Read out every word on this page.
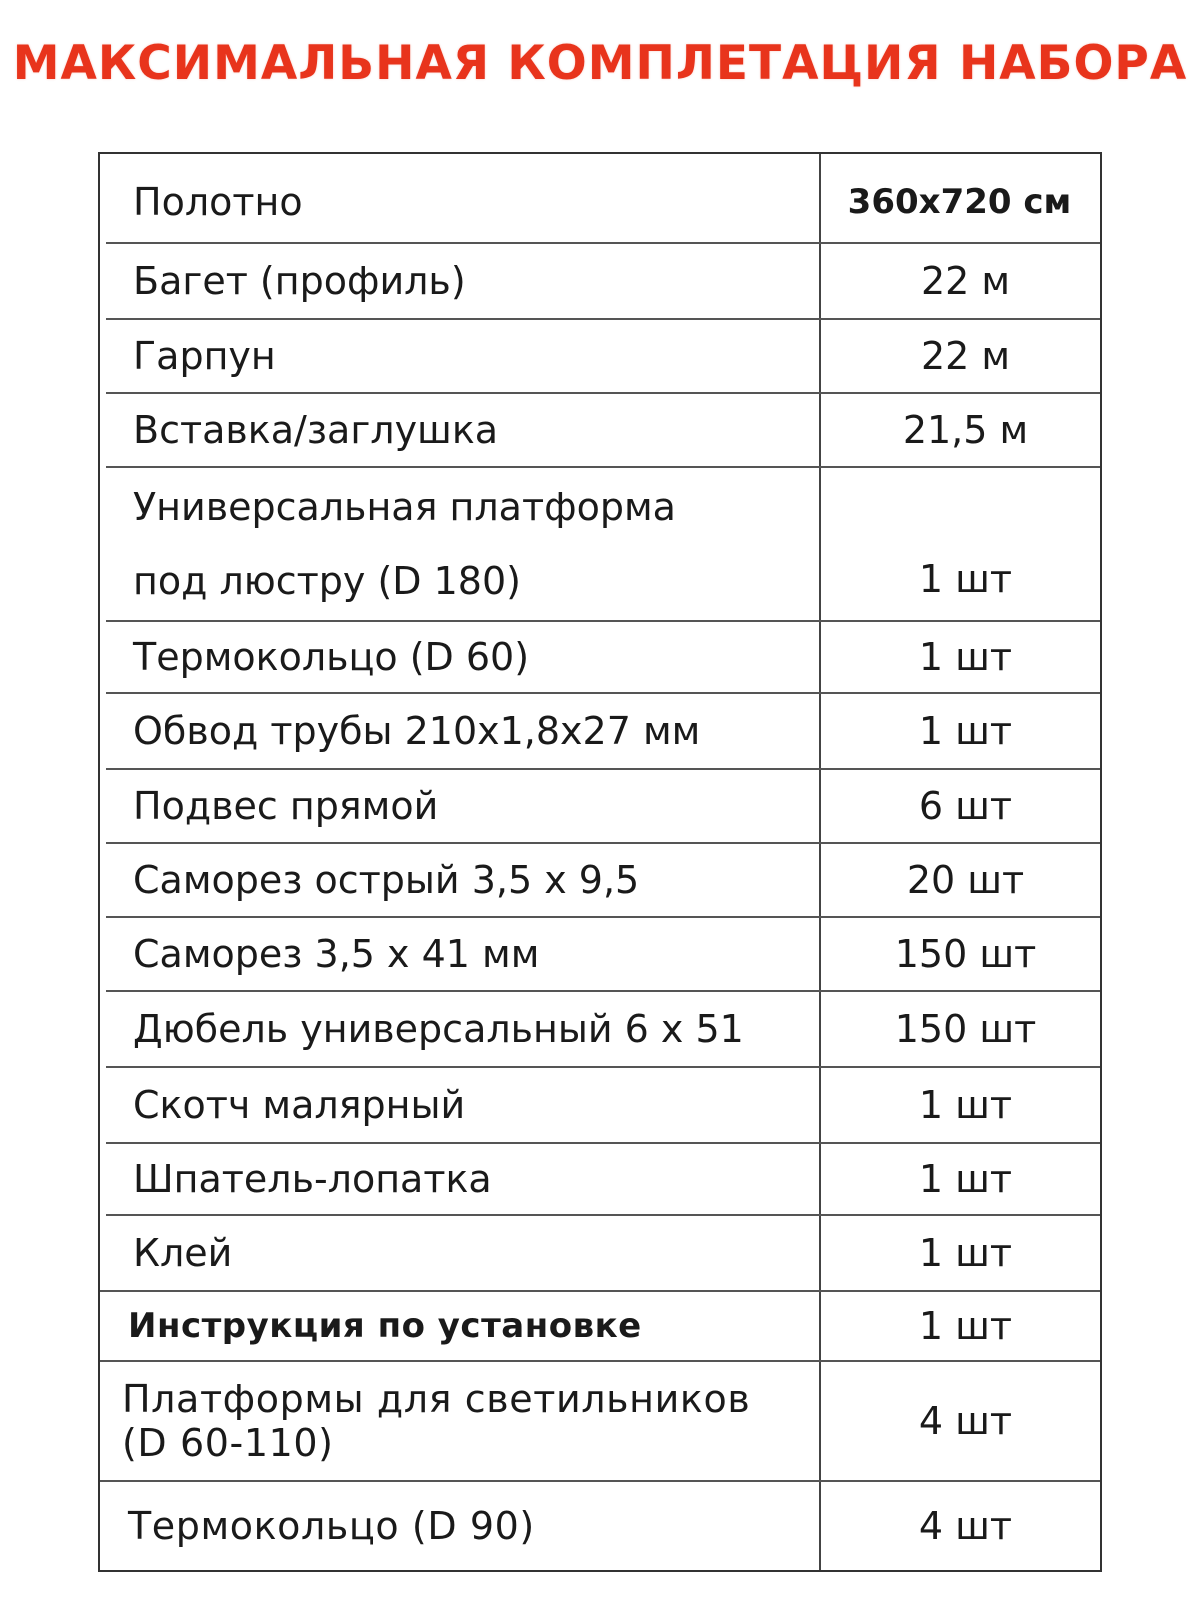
МАКСИМАЛЬНАЯ КОМПЛЕТАЦИЯ НАБОРА
Полотно	360x720 см
Багет (профиль)	22 м
Гарпун	22 м
Вставка/заглушка	21,5 м
Универсальная платформа
под люстру (D 180)	1 шт
Термокольцо (D 60)	1 шт
Обвод трубы 210x1,8x27 мм	1 шт
Подвес прямой	6 шт
Саморез острый 3,5 х 9,5	20 шт
Саморез 3,5 х 41 мм	150 шт
Дюбель универсальный 6 х 51	150 шт
Скотч малярный	1 шт
Шпатель-лопатка	1 шт
Клей	1 шт
Инструкция по установке	1 шт
Платформы для светильников
(D 60-110)	4 шт
Термокольцо (D 90)	4 шт
